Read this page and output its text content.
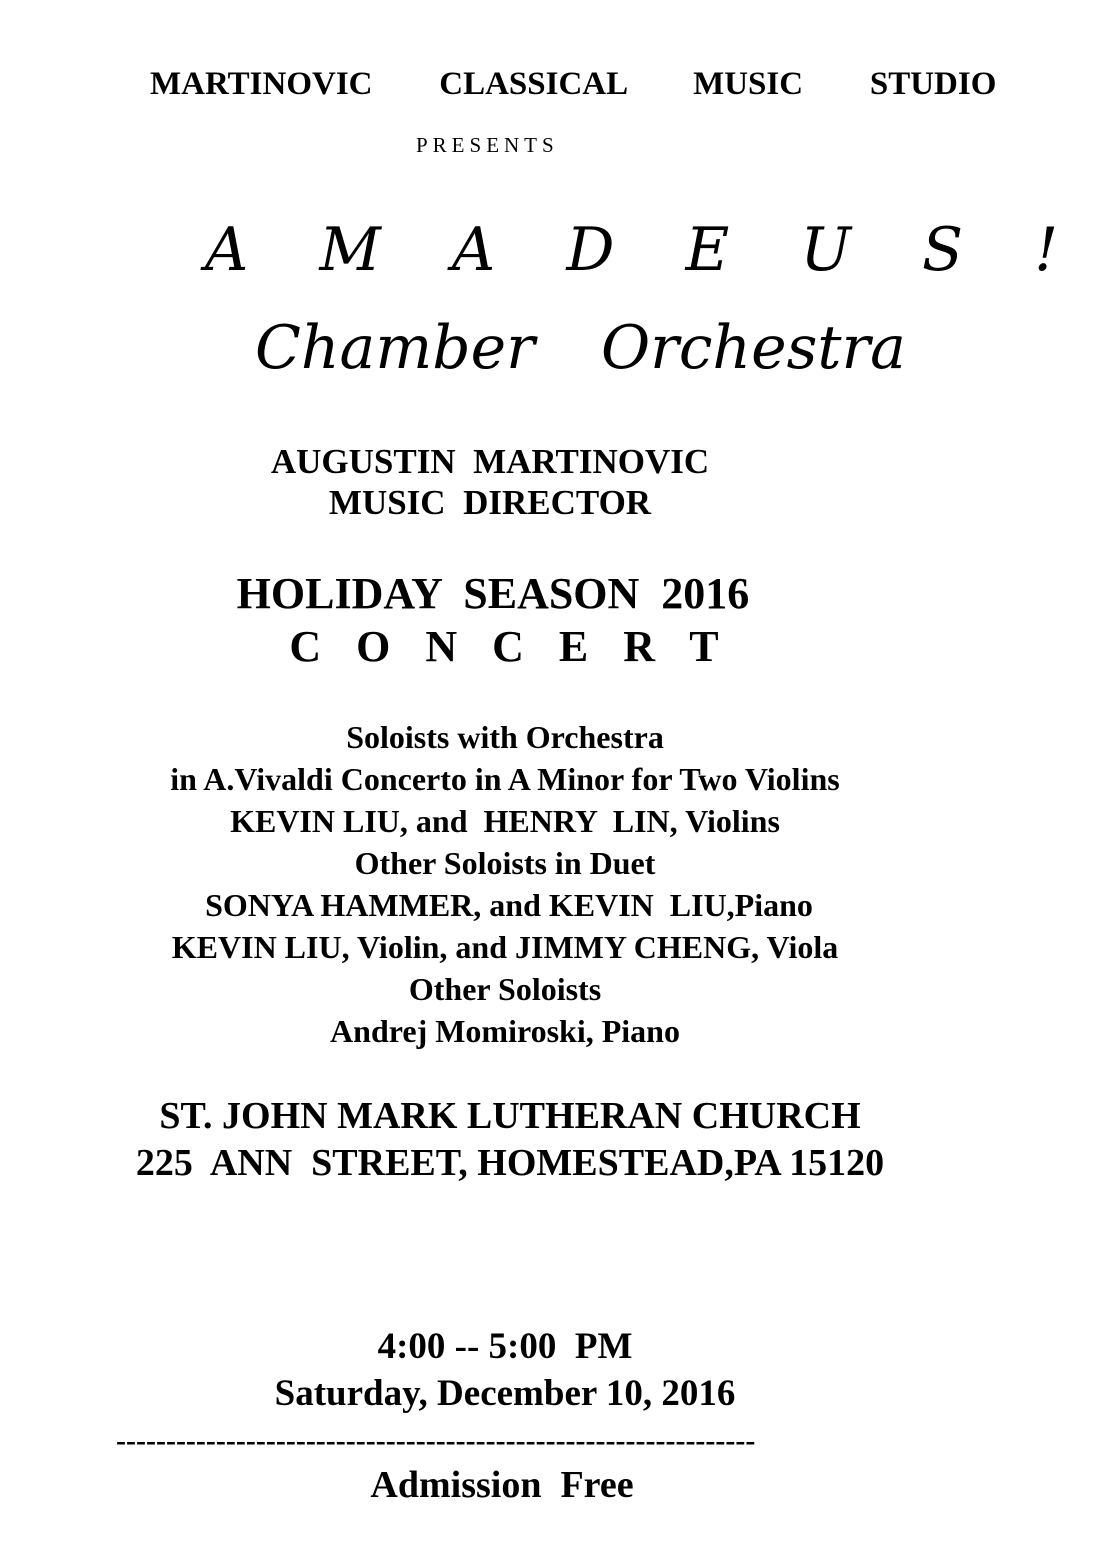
MARTINOVIC   CLASSICAL   MUSIC   STUDIO

PRESENTS

A M A D E U S !

Chamber  Orchestra

AUGUSTIN  MARTINOVIC

MUSIC  DIRECTOR

HOLIDAY  SEASON  2016

C O N C E R T

Soloists with Orchestra

in A.Vivaldi Concerto in A Minor for Two Violins

KEVIN LIU, and  HENRY  LIN, Violins

Other Soloists in Duet

SONYA HAMMER, and KEVIN  LIU,Piano

KEVIN LIU, Violin, and JIMMY CHENG, Viola

Other Soloists

Andrej Momiroski, Piano

ST. JOHN MARK LUTHERAN CHURCH

225  ANN  STREET, HOMESTEAD,PA 15120

4:00 -- 5:00  PM

Saturday, December 10, 2016

----------------------------------------------------------------

Admission  Free
